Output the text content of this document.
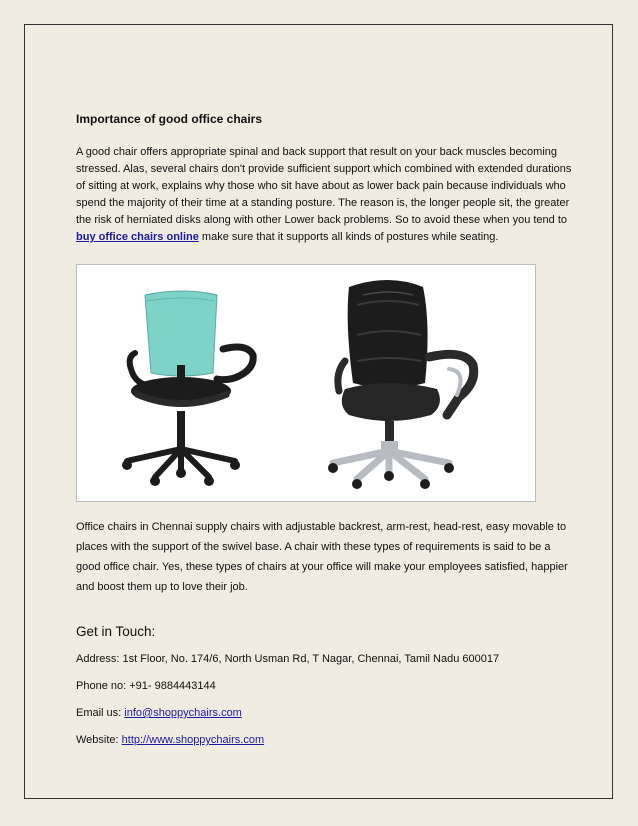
Importance of good office chairs

A good chair offers appropriate spinal and back support that result on your back muscles becoming stressed. Alas, several chairs don't provide sufficient support which combined with extended durations of sitting at work, explains why those who sit have about as lower back pain because individuals who spend the majority of their time at a standing posture. The reason is, the longer people sit, the greater the risk of herniated disks along with other Lower back problems. So to avoid these when you tend to buy office chairs online make sure that it supports all kinds of postures while seating.

Office chairs in Chennai supply chairs with adjustable backrest, arm-rest, head-rest, easy movable to places with the support of the swivel base. A chair with these types of requirements is said to be a good office chair. Yes, these types of chairs at your office will make your employees satisfied, happier and boost them up to love their job.

Get in Touch:

Address: 1st Floor, No. 174/6, North Usman Rd, T Nagar, Chennai, Tamil Nadu 600017

Phone no: +91- 9884443144

Email us: info@shoppychairs.com

Website: http://www.shoppychairs.com
